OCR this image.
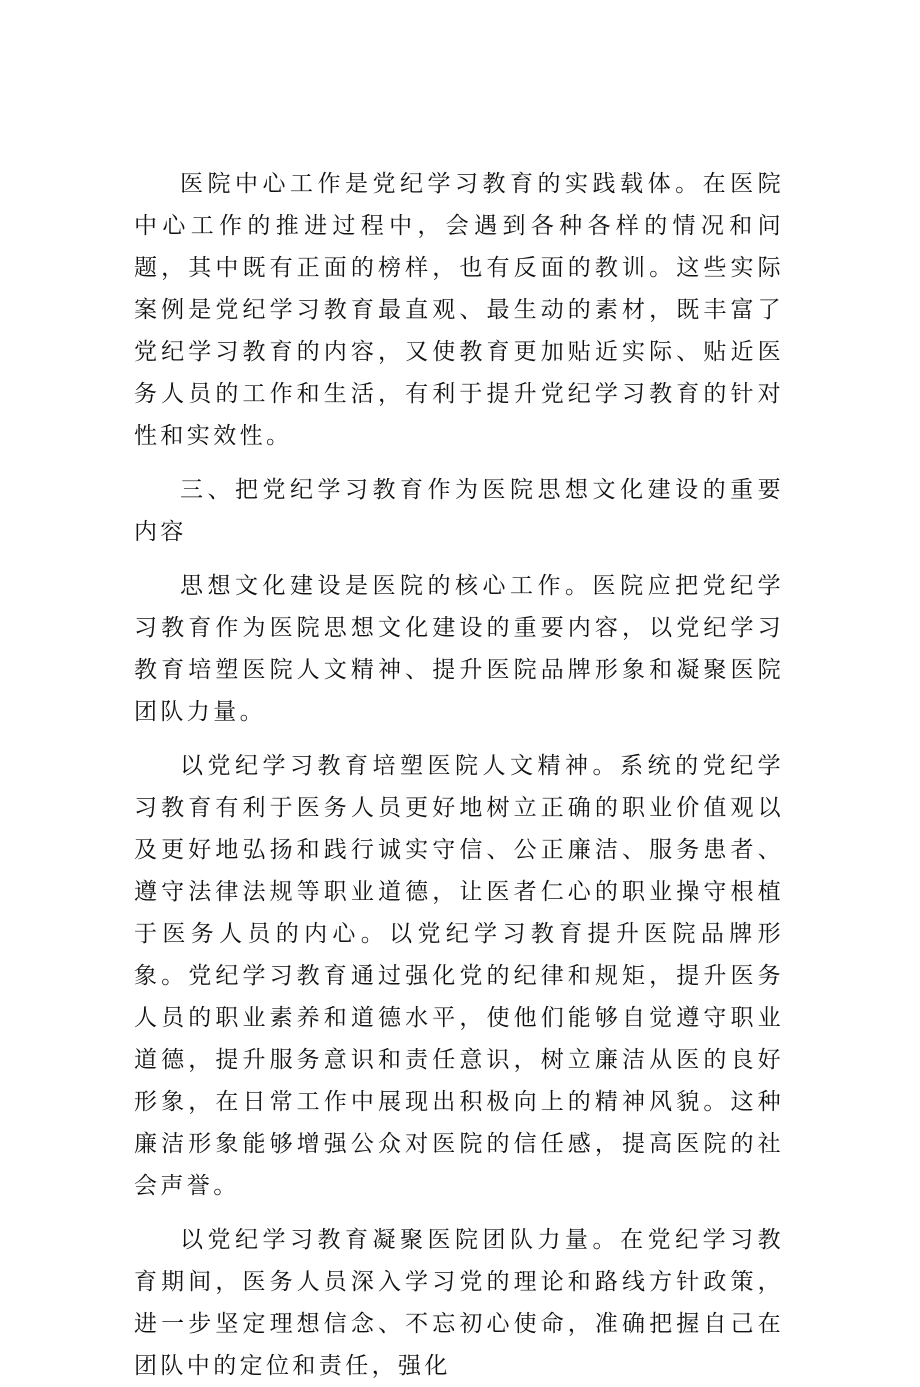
医院中心工作是党纪学习教育的实践载体。在医院中心工作的推进过程中，会遇到各种各样的情况和问题，其中既有正面的榜样，也有反面的教训。这些实际案例是党纪学习教育最直观、最生动的素材，既丰富了党纪学习教育的内容，又使教育更加贴近实际、贴近医务人员的工作和生活，有利于提升党纪学习教育的针对性和实效性。

三、把党纪学习教育作为医院思想文化建设的重要内容

思想文化建设是医院的核心工作。医院应把党纪学习教育作为医院思想文化建设的重要内容，以党纪学习教育培塑医院人文精神、提升医院品牌形象和凝聚医院团队力量。

以党纪学习教育培塑医院人文精神。系统的党纪学习教育有利于医务人员更好地树立正确的职业价值观以及更好地弘扬和践行诚实守信、公正廉洁、服务患者、遵守法律法规等职业道德，让医者仁心的职业操守根植于医务人员的内心。以党纪学习教育提升医院品牌形象。党纪学习教育通过强化党的纪律和规矩，提升医务人员的职业素养和道德水平，使他们能够自觉遵守职业道德，提升服务意识和责任意识，树立廉洁从医的良好形象，在日常工作中展现出积极向上的精神风貌。这种廉洁形象能够增强公众对医院的信任感，提高医院的社会声誉。

以党纪学习教育凝聚医院团队力量。在党纪学习教育期间，医务人员深入学习党的理论和路线方针政策，进一步坚定理想信念、不忘初心使命，准确把握自己在团队中的定位和责任，强化
